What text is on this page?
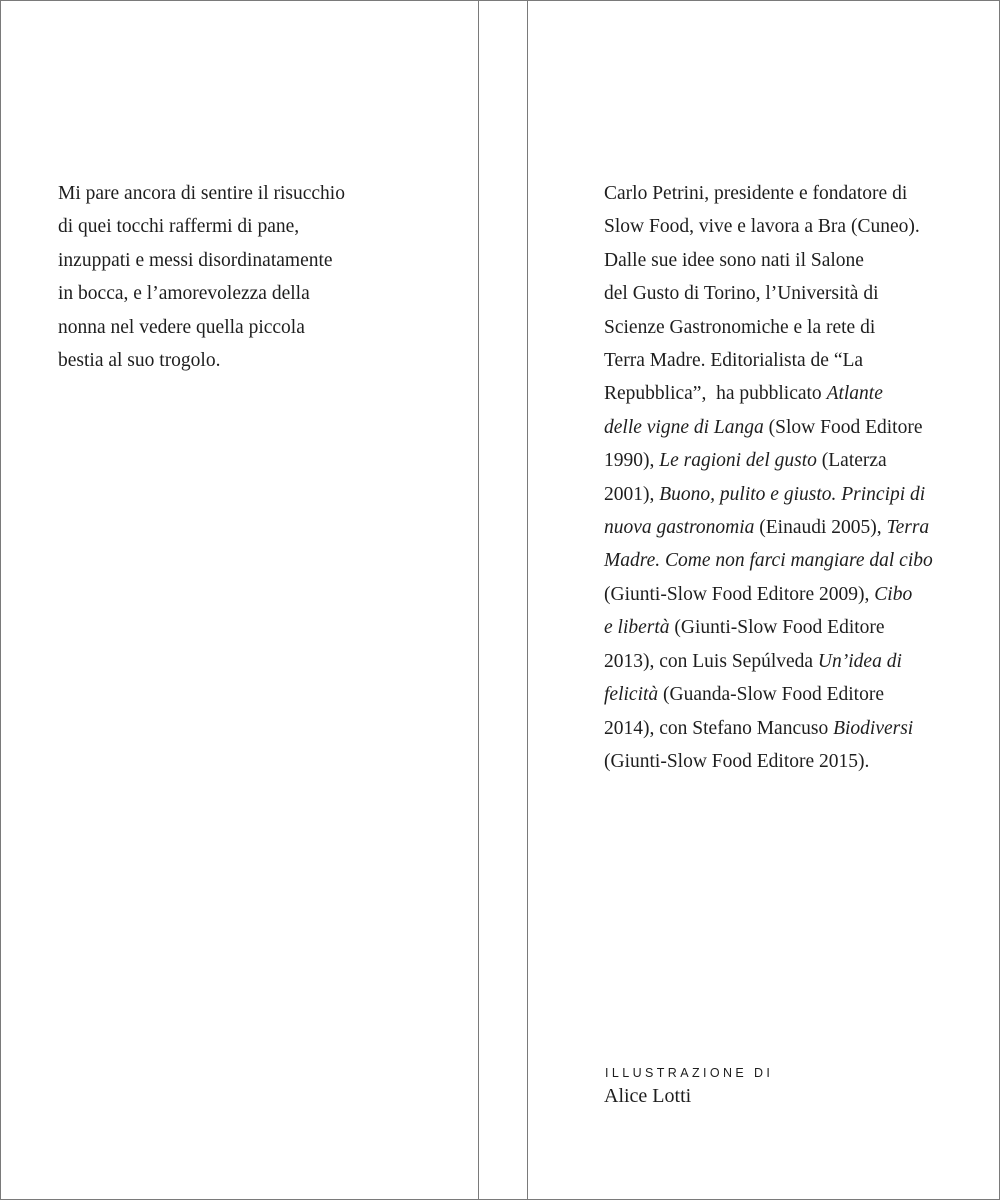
Mi pare ancora di sentire il risucchio
di quei tocchi raffermi di pane,
inzuppati e messi disordinatamente
in bocca, e l’amorevolezza della
nonna nel vedere quella piccola
bestia al suo trogolo.
Carlo Petrini, presidente e fondatore di
Slow Food, vive e lavora a Bra (Cuneo).
Dalle sue idee sono nati il Salone
del Gusto di Torino, l’Università di
Scienze Gastronomiche e la rete di
Terra Madre. Editorialista de “La
Repubblica”,  ha pubblicato Atlante
delle vigne di Langa (Slow Food Editore
1990), Le ragioni del gusto (Laterza
2001), Buono, pulito e giusto. Principi di
nuova gastronomia (Einaudi 2005), Terra
Madre. Come non farci mangiare dal cibo
(Giunti-Slow Food Editore 2009), Cibo
e libertà (Giunti-Slow Food Editore
2013), con Luis Sepúlveda Un’idea di
felicità (Guanda-Slow Food Editore
2014), con Stefano Mancuso Biodiversi
(Giunti-Slow Food Editore 2015).
ILLUSTRAZIONE DI
Alice Lotti
